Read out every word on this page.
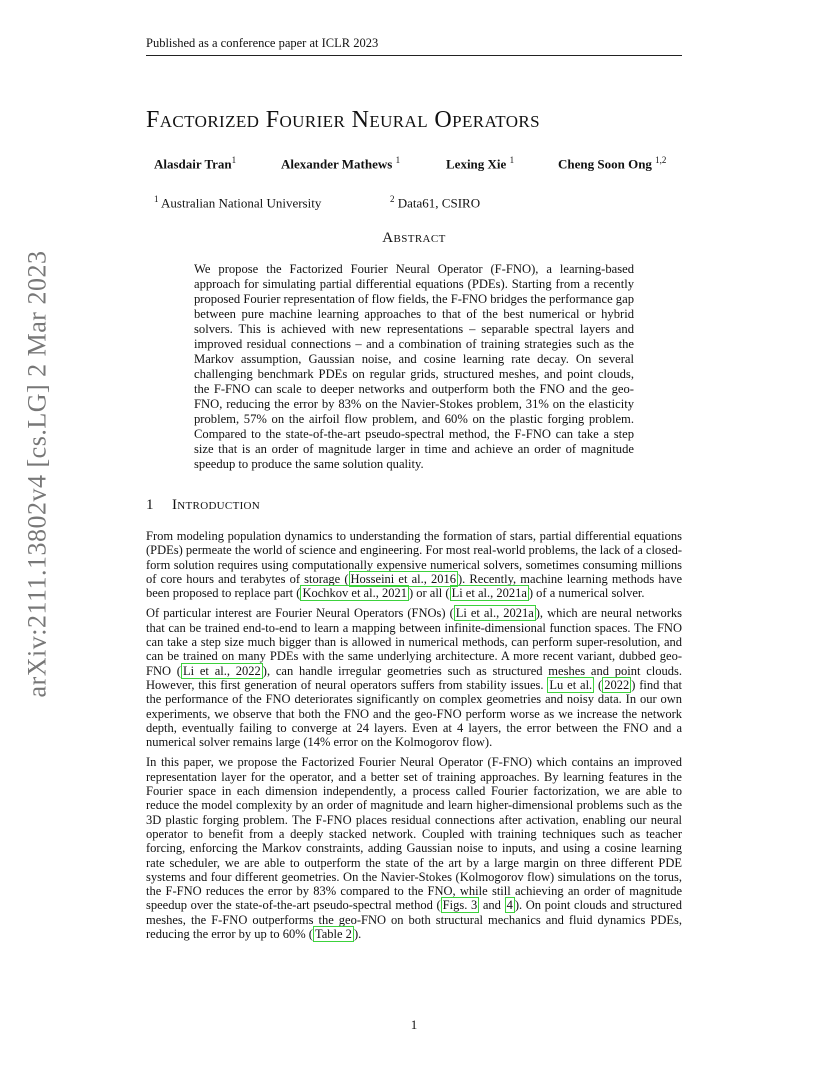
Published as a conference paper at ICLR 2023
arXiv:2111.13802v4 [cs.LG] 2 Mar 2023
Factorized Fourier Neural Operators
Alasdair Tran$^1$	Alexander Mathews $^1$	Lexing Xie $^1$	Cheng Soon Ong $^{1,2}$
$^1$ Australian National University	$^2$ Data61, CSIRO
Abstract

We propose the Factorized Fourier Neural Operator (F-FNO), a learning-based approach for simulating partial differential equations (PDEs). Starting from a recently proposed Fourier representation of flow fields, the F-FNO bridges the performance gap between pure machine learning approaches to that of the best numerical or hybrid solvers. This is achieved with new representations – separable spectral layers and improved residual connections – and a combination of training strategies such as the Markov assumption, Gaussian noise, and cosine learning rate decay. On several challenging benchmark PDEs on regular grids, structured meshes, and point clouds, the F-FNO can scale to deeper networks and outperform both the FNO and the geo-FNO, reducing the error by 83% on the Navier-Stokes problem, 31% on the elasticity problem, 57% on the airfoil flow problem, and 60% on the plastic forging problem. Compared to the state-of-the-art pseudo-spectral method, the F-FNO can take a step size that is an order of magnitude larger in time and achieve an order of magnitude speedup to produce the same solution quality.

1 Introduction

From modeling population dynamics to understanding the formation of stars, partial differential equations (PDEs) permeate the world of science and engineering. For most real-world problems, the lack of a closed-form solution requires using computationally expensive numerical solvers, sometimes consuming millions of core hours and terabytes of storage ( Hosseini et al., 2016 ). Recently, machine learning methods have been proposed to replace part ( Kochkov et al., 2021 ) or all ( Li et al., 2021a ) of a numerical solver.

Of particular interest are Fourier Neural Operators (FNOs) ( Li et al., 2021a ), which are neural networks that can be trained end-to-end to learn a mapping between infinite-dimensional function spaces. The FNO can take a step size much bigger than is allowed in numerical methods, can perform super-resolution, and can be trained on many PDEs with the same underlying architecture. A more recent variant, dubbed geo-FNO ( Li et al., 2022 ), can handle irregular geometries such as structured meshes and point clouds. However, this first generation of neural operators suffers from stability issues. Lu et al. ( 2022 ) find that the performance of the FNO deteriorates significantly on complex geometries and noisy data. In our own experiments, we observe that both the FNO and the geo-FNO perform worse as we increase the network depth, eventually failing to converge at 24 layers. Even at 4 layers, the error between the FNO and a numerical solver remains large (14% error on the Kolmogorov flow).

In this paper, we propose the Factorized Fourier Neural Operator (F-FNO) which contains an improved representation layer for the operator, and a better set of training approaches. By learning features in the Fourier space in each dimension independently, a process called Fourier factorization, we are able to reduce the model complexity by an order of magnitude and learn higher-dimensional problems such as the 3D plastic forging problem. The F-FNO places residual connections after activation, enabling our neural operator to benefit from a deeply stacked network. Coupled with training techniques such as teacher forcing, enforcing the Markov constraints, adding Gaussian noise to inputs, and using a cosine learning rate scheduler, we are able to outperform the state of the art by a large margin on three different PDE systems and four different geometries. On the Navier-Stokes (Kolmogorov flow) simulations on the torus, the F-FNO reduces the error by 83% compared to the FNO, while still achieving an order of magnitude speedup over the state-of-the-art pseudo-spectral method ( Figs. 3 and 4 ). On point clouds and structured meshes, the F-FNO outperforms the geo-FNO on both structural mechanics and fluid dynamics PDEs, reducing the error by up to 60% ( Table 2 ).

1
